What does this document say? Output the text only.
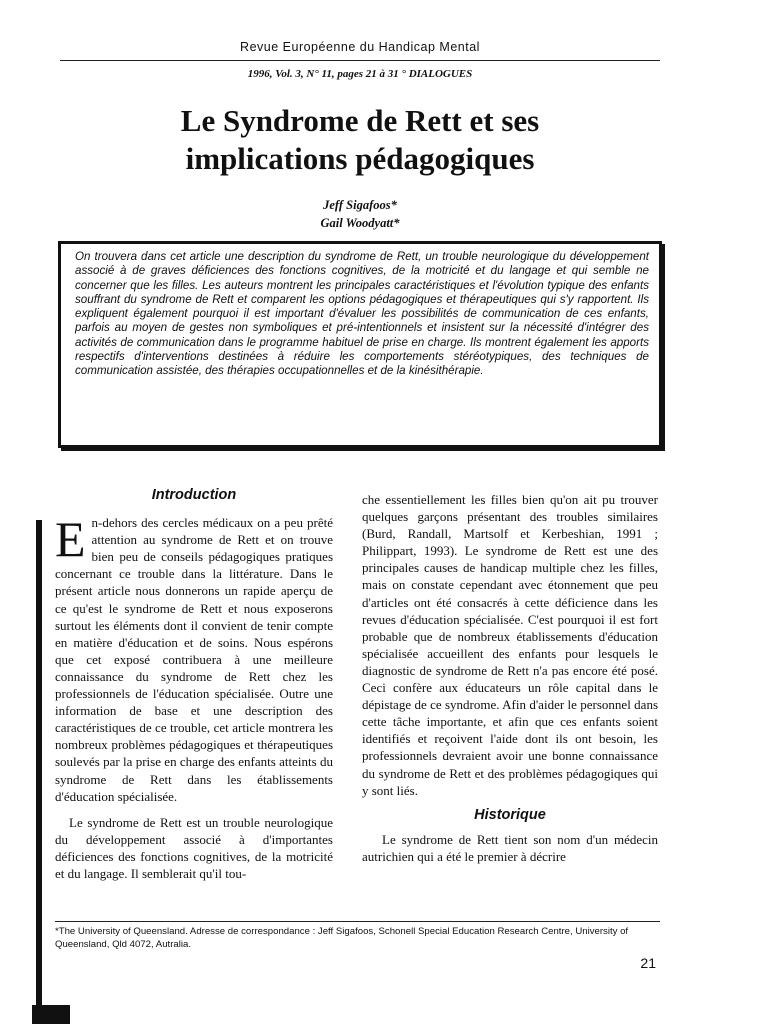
Revue Européenne du Handicap Mental
1996, Vol. 3, N° 11, pages 21 à 31 ° DIALOGUES
Le Syndrome de Rett et ses
implications pédagogiques
Jeff Sigafoos*
Gail Woodyatt*

On trouvera dans cet article une description du syndrome de Rett, un trouble neurologique du développement associé à de graves déficiences des fonctions cognitives, de la motricité et du langage et qui semble ne concerner que les filles. Les auteurs montrent les principales caractéristiques et l'évolution typique des enfants souffrant du syndrome de Rett et comparent les options pédagogiques et thérapeutiques qui s'y rapportent. Ils expliquent également pourquoi il est important d'évaluer les possibilités de communication de ces enfants, parfois au moyen de gestes non symboliques et pré-intentionnels et insistent sur la nécessité d'intégrer des activités de communication dans le programme habituel de prise en charge. Ils montrent également les apports respectifs d'interventions destinées à réduire les comportements stéréotypiques, des techniques de communication assistée, des thérapies occupationnelles et de la kinésithérapie.

Introduction

En-dehors des cercles médicaux on a peu prêté attention au syndrome de Rett et on trouve bien peu de conseils pédagogiques pratiques concernant ce trouble dans la littérature. Dans le présent article nous donnerons un rapide aperçu de ce qu'est le syndrome de Rett et nous exposerons surtout les éléments dont il convient de tenir compte en matière d'éducation et de soins. Nous espérons que cet exposé contribuera à une meilleure connaissance du syndrome de Rett chez les professionnels de l'éducation spécialisée. Outre une information de base et une description des caractéristiques de ce trouble, cet article montrera les nombreux problèmes pédagogiques et thérapeutiques soulevés par la prise en charge des enfants atteints du syndrome de Rett dans les établissements d'éducation spécialisée.

Le syndrome de Rett est un trouble neurologique du développement associé à d'importantes déficiences des fonctions cognitives, de la motricité et du langage. Il semblerait qu'il tou-

che essentiellement les filles bien qu'on ait pu trouver quelques garçons présentant des troubles similaires (Burd, Randall, Martsolf et Kerbeshian, 1991 ; Philippart, 1993). Le syndrome de Rett est une des principales causes de handicap multiple chez les filles, mais on constate cependant avec étonnement que peu d'articles ont été consacrés à cette déficience dans les revues d'éducation spécialisée. C'est pourquoi il est fort probable que de nombreux établissements d'éducation spécialisée accueillent des enfants pour lesquels le diagnostic de syndrome de Rett n'a pas encore été posé. Ceci confère aux éducateurs un rôle capital dans le dépistage de ce syndrome. Afin d'aider le personnel dans cette tâche importante, et afin que ces enfants soient identifiés et reçoivent l'aide dont ils ont besoin, les professionnels devraient avoir une bonne connaissance du syndrome de Rett et des problèmes pédagogiques qui y sont liés.

Historique

Le syndrome de Rett tient son nom d'un médecin autrichien qui a été le premier à décrire

*The University of Queensland. Adresse de correspondance : Jeff Sigafoos, Schonell Special Education Research Centre, University of Queensland, Qld 4072, Autralia.
21
